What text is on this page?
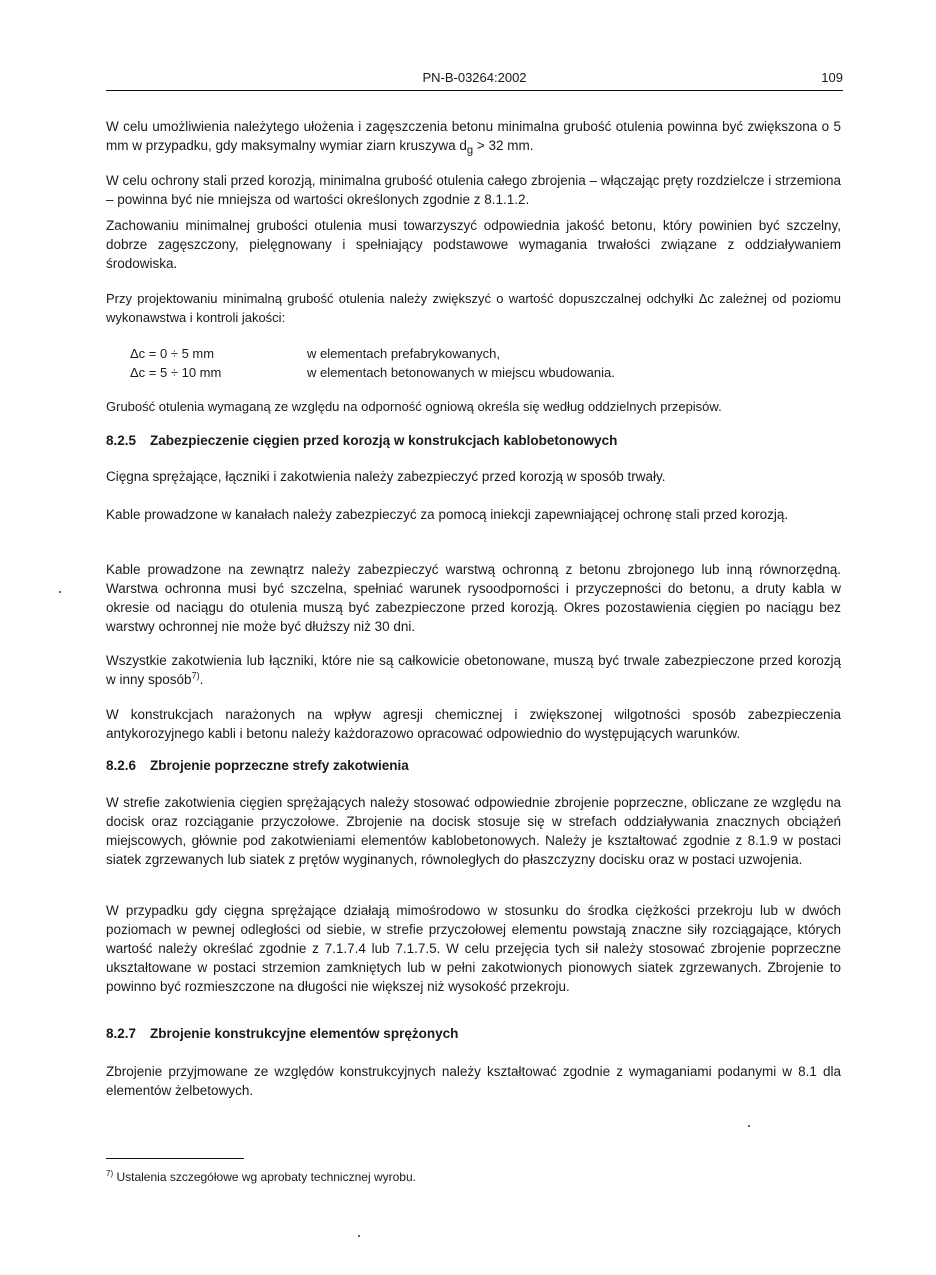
PN-B-03264:2002	109

W celu umożliwienia należytego ułożenia i zagęszczenia betonu minimalna grubość otulenia powinna być zwiększona o 5 mm w przypadku, gdy maksymalny wymiar ziarn kruszywa $d_g > 32$ mm.

W celu ochrony stali przed korozją, minimalna grubość otulenia całego zbrojenia – włączając pręty rozdzielcze i strzemiona – powinna być nie mniejsza od wartości określonych zgodnie z 8.1.1.2.

Zachowaniu minimalnej grubości otulenia musi towarzyszyć odpowiednia jakość betonu, który powinien być szczelny, dobrze zagęszczony, pielęgnowany i spełniający podstawowe wymagania trwałości związane z oddziaływaniem środowiska.

Przy projektowaniu minimalną grubość otulenia należy zwiększyć o wartość dopuszczalnej odchyłki Δc zależnej od poziomu wykonawstwa i kontroli jakości:

Δc = 0 ÷ 5 mm	w elementach prefabrykowanych,
Δc = 5 ÷ 10 mm	w elementach betonowanych w miejscu wbudowania.

Grubość otulenia wymaganą ze względu na odporność ogniową określa się według oddzielnych przepisów.

8.2.5 Zabezpieczenie cięgien przed korozją w konstrukcjach kablobetonowych

Cięgna sprężające, łączniki i zakotwienia należy zabezpieczyć przed korozją w sposób trwały.

Kable prowadzone w kanałach należy zabezpieczyć za pomocą iniekcji zapewniającej ochronę stali przed korozją.

Kable prowadzone na zewnątrz należy zabezpieczyć warstwą ochronną z betonu zbrojonego lub inną równorzędną. Warstwa ochronna musi być szczelna, spełniać warunek rysoodporności i przyczepności do betonu, a druty kabla w okresie od naciągu do otulenia muszą być zabezpieczone przed korozją. Okres pozostawienia cięgien po naciągu bez warstwy ochronnej nie może być dłuższy niż 30 dni.

Wszystkie zakotwienia lub łączniki, które nie są całkowicie obetonowane, muszą być trwale zabezpieczone przed korozją w inny sposób$^{7)}$.

W konstrukcjach narażonych na wpływ agresji chemicznej i zwiększonej wilgotności sposób zabezpieczenia antykorozyjnego kabli i betonu należy każdorazowo opracować odpowiednio do występujących warunków.

8.2.6 Zbrojenie poprzeczne strefy zakotwienia

W strefie zakotwienia cięgien sprężających należy stosować odpowiednie zbrojenie poprzeczne, obliczane ze względu na docisk oraz rozciąganie przyczołowe. Zbrojenie na docisk stosuje się w strefach oddziaływania znacznych obciążeń miejscowych, głównie pod zakotwieniami elementów kablobetonowych. Należy je kształtować zgodnie z 8.1.9 w postaci siatek zgrzewanych lub siatek z prętów wyginanych, równoległych do płaszczyzny docisku oraz w postaci uzwojenia.

W przypadku gdy cięgna sprężające działają mimośrodowo w stosunku do środka ciężkości przekroju lub w dwóch poziomach w pewnej odległości od siebie, w strefie przyczołowej elementu powstają znaczne siły rozciągające, których wartość należy określać zgodnie z 7.1.7.4 lub 7.1.7.5. W celu przejęcia tych sił należy stosować zbrojenie poprzeczne ukształtowane w postaci strzemion zamkniętych lub w pełni zakotwionych pionowych siatek zgrzewanych. Zbrojenie to powinno być rozmieszczone na długości nie większej niż wysokość przekroju.

8.2.7 Zbrojenie konstrukcyjne elementów sprężonych

Zbrojenie przyjmowane ze względów konstrukcyjnych należy kształtować zgodnie z wymaganiami podanymi w 8.1 dla elementów żelbetowych.

$^{7)}$ Ustalenia szczegółowe wg aprobaty technicznej wyrobu.
